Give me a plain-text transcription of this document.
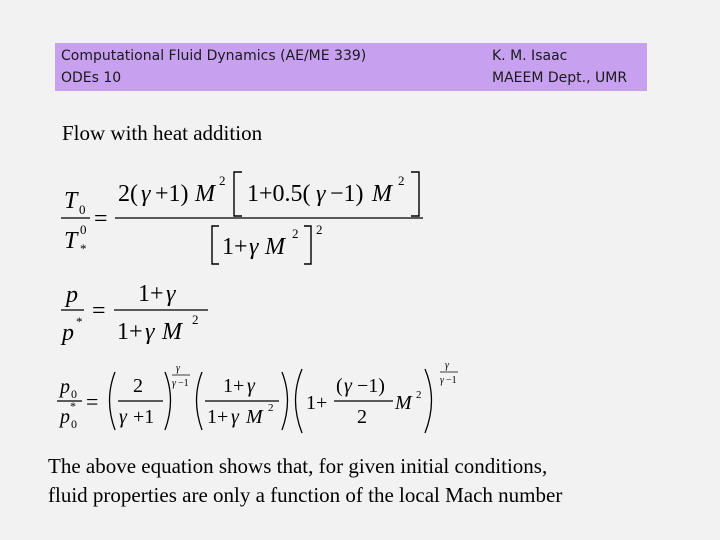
Computational Fluid Dynamics (AE/ME 339)
ODEs 10
K. M. Isaac
MAEEM Dept., UMR
Flow with heat addition
T 0
T 0
*
=
2( γ +1) M
2
1+0.5( γ −1) M
2
1+ γ M
2 2
p
p * =
1+ γ
1+ γ M 2
p 0
p *
0
=
2
γ +1
γ
γ −1 1+ γ
1+ γ M 2 1+
( γ −1)
2
M 2
γ
γ −1
The above equation shows that, for given initial conditions,
fluid properties are only a function of the local Mach number
